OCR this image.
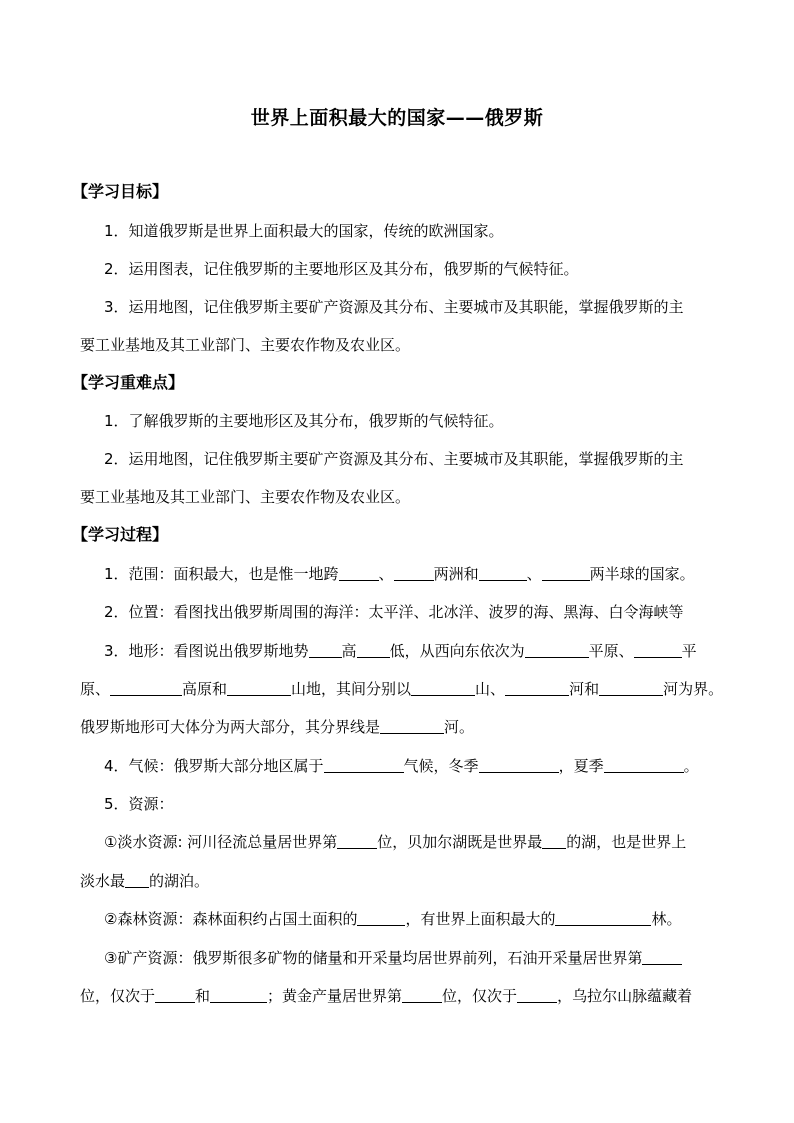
世界上面积最大的国家——俄罗斯
【学习目标】
1．知道俄罗斯是世界上面积最大的国家，传统的欧洲国家。
2．运用图表，记住俄罗斯的主要地形区及其分布，俄罗斯的气候特征。
3．运用地图，记住俄罗斯主要矿产资源及其分布、主要城市及其职能，掌握俄罗斯的主
要工业基地及其工业部门、主要农作物及农业区。
【学习重难点】
1．了解俄罗斯的主要地形区及其分布，俄罗斯的气候特征。
2．运用地图，记住俄罗斯主要矿产资源及其分布、主要城市及其职能，掌握俄罗斯的主
要工业基地及其工业部门、主要农作物及农业区。
【学习过程】
1．范围：面积最大，也是惟一地跨	、	两洲和	、	两半球的国家。
2．位置：看图找出俄罗斯周围的海洋：太平洋、北冰洋、波罗的海、黑海、白令海峡等
3．地形：看图说出俄罗斯地势 高 低，从西向东依次为	平原、	平
原、	高原和	山地，其间分别以	山、	河和	河为界。
俄罗斯地形可大体分为两大部分，其分界线是	河。
4．气候：俄罗斯大部分地区属于	气候，冬季	，夏季	。
5．资源：
①淡水资源: 河川径流总量居世界第	位，贝加尔湖既是世界最 的湖，也是世界上
淡水最 的湖泊。
②森林资源：森林面积约占国土面积的	，有世界上面积最大的	林。
③矿产资源：俄罗斯很多矿物的储量和开采量均居世界前列，石油开采量居世界第
位，仅次于	和	；黄金产量居世界第	位，仅次于	，乌拉尔山脉蕴藏着
